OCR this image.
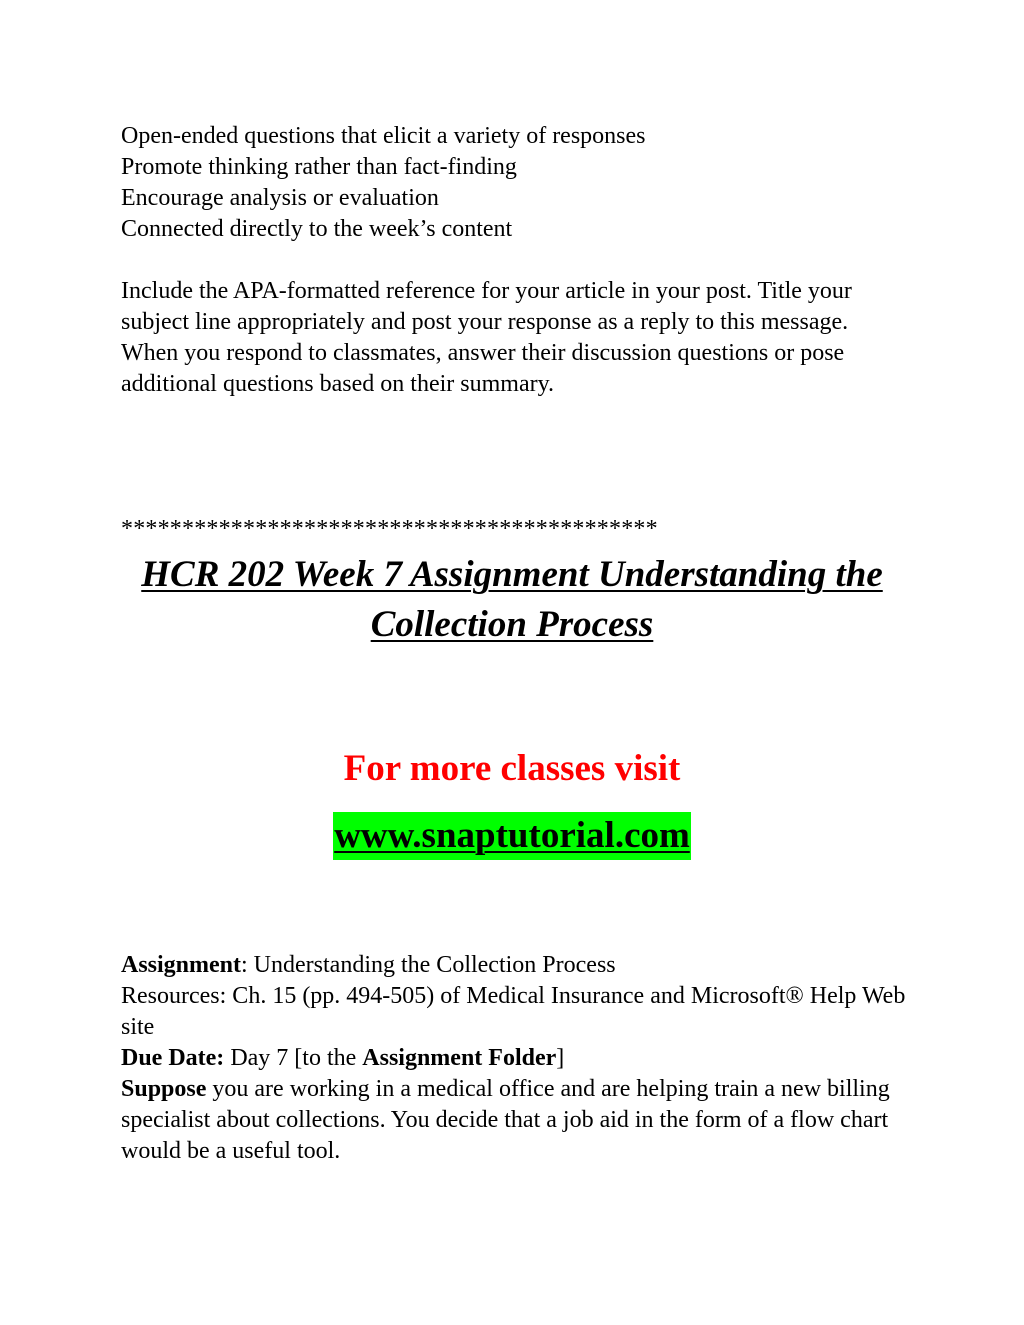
Open-ended questions that elicit a variety of responses
Promote thinking rather than fact-finding
Encourage analysis or evaluation
Connected directly to the week’s content

Include the APA-formatted reference for your article in your post. Title your subject line appropriately and post your response as a reply to this message.

When you respond to classmates, answer their discussion questions or pose additional questions based on their summary.

********************************************
HCR 202 Week 7 Assignment Understanding the Collection Process
For more classes visit
www.snaptutorial.com

Assignment: Understanding the Collection Process

Resources: Ch. 15 (pp. 494-505) of Medical Insurance and Microsoft® Help Web site

Due Date: Day 7 [to the Assignment Folder]

Suppose you are working in a medical office and are helping train a new billing specialist about collections. You decide that a job aid in the form of a flow chart would be a useful tool.
